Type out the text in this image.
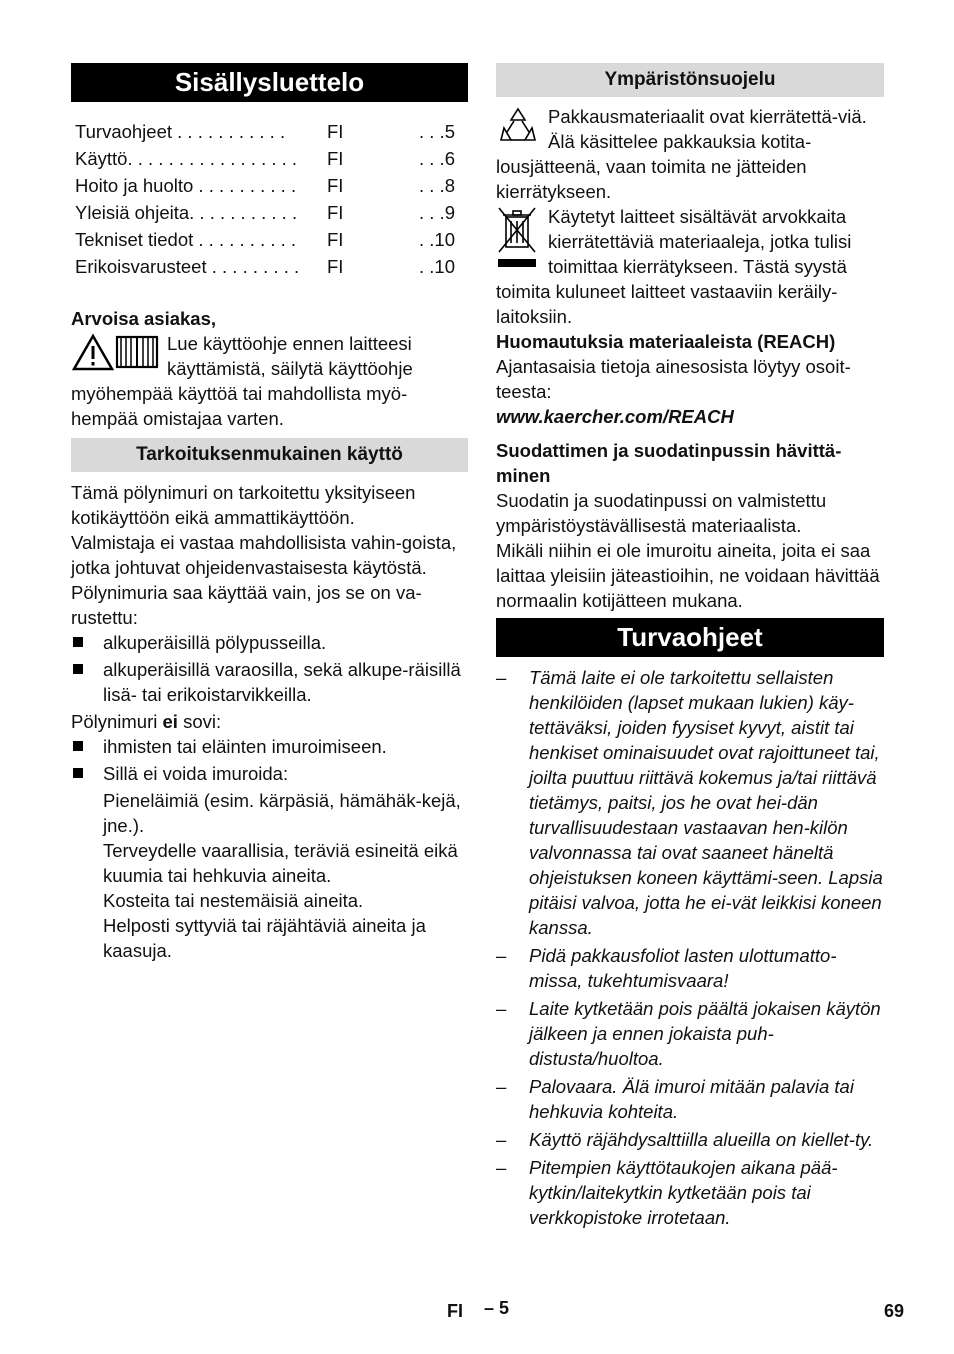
Sisällysluettelo
Turvaohjeet . . . . . . . . . . .	FI	. . .5
Käyttö. . . . . . . . . . . . . . . . .	FI	. . .6
Hoito ja huolto . . . . . . . . . .	FI	. . .8
Yleisiä ohjeita. . . . . . . . . . .	FI	. . .9
Tekniset tiedot . . . . . . . . . .	FI	. .10
Erikoisvarusteet . . . . . . . . .	FI	. .10

Arvoisa asiakas,

Lue käyttöohje ennen laitteesi
käyttämistä, säilytä käyttöohje
myöhempää käyttöä tai mahdollista myö-
hempää omistajaa varten.
Tarkoituksenmukainen käyttö

Tämä pölynimuri on tarkoitettu yksityiseen kotikäyttöön eikä ammattikäyttöön.

Valmistaja ei vastaa mahdollisista vahin-goista, jotka johtuvat ohjeidenvastaisesta käytöstä.

Pölynimuria saa käyttää vain, jos se on va-rustettu:

alkuperäisillä pölypusseilla.
alkuperäisillä varaosilla, sekä alkupe-räisillä lisä- tai erikoistarvikkeilla.

Pölynimuri ei sovi:

ihmisten tai eläinten imuroimiseen.
Sillä ei voida imuroida:
Pieneläimiä (esim. kärpäsiä, hämähäk-kejä, jne.).
Terveydelle vaarallisia, teräviä esineitä eikä kuumia tai hehkuvia aineita.
Kosteita tai nestemäisiä aineita.
Helposti syttyviä tai räjähtäviä aineita ja kaasuja.
Ympäristönsuojelu

Pakkausmateriaalit ovat kierrätettä-viä. Älä käsittelee pakkauksia kotita-lousjätteenä, vaan toimita ne jätteiden kierrätykseen.

Käytetyt laitteet sisältävät arvokkaita kierrätettäviä materiaaleja, jotka tulisi toimittaa kierrätykseen. Tästä syystä toimita kuluneet laitteet vastaaviin keräily-laitoksiin.

Huomautuksia materiaaleista (REACH)

Ajantasaisia tietoja ainesosista löytyy osoit-teesta:

www.kaercher.com/REACH

Suodattimen ja suodatinpussin hävittä-minen

Suodatin ja suodatinpussi on valmistettu ympäristöystävällisestä materiaalista.

Mikäli niihin ei ole imuroitu aineita, joita ei saa laittaa yleisiin jäteastioihin, ne voidaan hävittää normaalin kotijätteen mukana.

Turvaohjeet
– Tämä laite ei ole tarkoitettu sellaisten henkilöiden (lapset mukaan lukien) käy-tettäväksi, joiden fyysiset kyvyt, aistit tai henkiset ominaisuudet ovat rajoittuneet tai, joilta puuttuu riittävä kokemus ja/tai riittävä tietämys, paitsi, jos he ovat hei-dän turvallisuudestaan vastaavan hen-kilön valvonnassa tai ovat saaneet häneltä ohjeistuksen koneen käyttämi-seen. Lapsia pitäisi valvoa, jotta he ei-vät leikkisi koneen kanssa.
– Pidä pakkausfoliot lasten ulottumatto-missa, tukehtumisvaara!
– Laite kytketään pois päältä jokaisen käytön jälkeen ja ennen jokaista puh-distusta/huoltoa.
– Palovaara. Älä imuroi mitään palavia tai hehkuvia kohteita.
– Käyttö räjähdysalttiilla alueilla on kiellet-ty.
– Pitempien käyttötaukojen aikana pää-kytkin/laitekytkin kytketään pois tai verkkopistoke irrotetaan.
FI – 5	69
